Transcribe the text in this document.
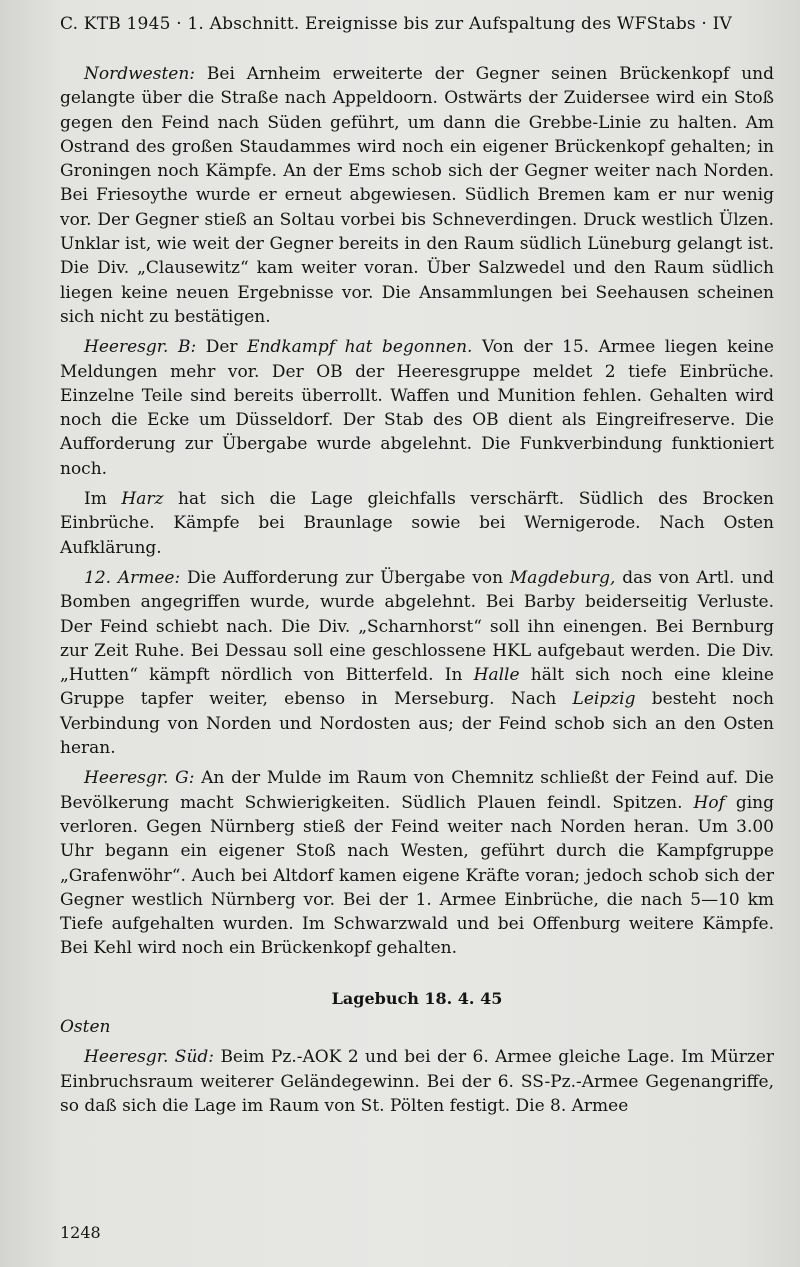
C. KTB 1945 · 1. Abschnitt. Ereignisse bis zur Aufspaltung des WFStabs · IV

Nordwesten: Bei Arnheim erweiterte der Gegner seinen Brückenkopf und gelangte über die Straße nach Appeldoorn. Ostwärts der Zuidersee wird ein Stoß gegen den Feind nach Süden geführt, um dann die Grebbe-Linie zu halten. Am Ostrand des großen Staudammes wird noch ein eigener Brückenkopf gehalten; in Groningen noch Kämpfe. An der Ems schob sich der Gegner weiter nach Norden. Bei Friesoythe wurde er erneut abgewiesen. Südlich Bremen kam er nur wenig vor. Der Gegner stieß an Soltau vorbei bis Schneverdingen. Druck westlich Ülzen. Unklar ist, wie weit der Gegner bereits in den Raum südlich Lüneburg gelangt ist. Die Div. „Clausewitz“ kam weiter voran. Über Salzwedel und den Raum südlich liegen keine neuen Ergebnisse vor. Die Ansammlungen bei Seehausen scheinen sich nicht zu bestätigen.

Heeresgr. B: Der Endkampf hat begonnen. Von der 15. Armee liegen keine Meldungen mehr vor. Der OB der Heeresgruppe meldet 2 tiefe Einbrüche. Einzelne Teile sind bereits überrollt. Waffen und Munition fehlen. Gehalten wird noch die Ecke um Düsseldorf. Der Stab des OB dient als Eingreifreserve. Die Aufforderung zur Übergabe wurde abgelehnt. Die Funkverbindung funktioniert noch.

Im Harz hat sich die Lage gleichfalls verschärft. Südlich des Brocken Einbrüche. Kämpfe bei Braunlage sowie bei Wernigerode. Nach Osten Aufklärung.

12. Armee: Die Aufforderung zur Übergabe von Magdeburg, das von Artl. und Bomben angegriffen wurde, wurde abgelehnt. Bei Barby beiderseitig Verluste. Der Feind schiebt nach. Die Div. „Scharnhorst“ soll ihn einengen. Bei Bernburg zur Zeit Ruhe. Bei Dessau soll eine geschlossene HKL aufgebaut werden. Die Div. „Hutten“ kämpft nördlich von Bitterfeld. In Halle hält sich noch eine kleine Gruppe tapfer weiter, ebenso in Merseburg. Nach Leipzig besteht noch Verbindung von Norden und Nordosten aus; der Feind schob sich an den Osten heran.

Heeresgr. G: An der Mulde im Raum von Chemnitz schließt der Feind auf. Die Bevölkerung macht Schwierigkeiten. Südlich Plauen feindl. Spitzen. Hof ging verloren. Gegen Nürnberg stieß der Feind weiter nach Norden heran. Um 3.00 Uhr begann ein eigener Stoß nach Westen, geführt durch die Kampfgruppe „Grafenwöhr“. Auch bei Altdorf kamen eigene Kräfte voran; jedoch schob sich der Gegner westlich Nürnberg vor. Bei der 1. Armee Einbrüche, die nach 5—10 km Tiefe aufgehalten wurden. Im Schwarzwald und bei Offenburg weitere Kämpfe. Bei Kehl wird noch ein Brückenkopf gehalten.

Lagebuch 18. 4. 45

Osten

Heeresgr. Süd: Beim Pz.-AOK 2 und bei der 6. Armee gleiche Lage. Im Mürzer Einbruchsraum weiterer Geländegewinn. Bei der 6. SS-Pz.-Armee Gegenangriffe, so daß sich die Lage im Raum von St. Pölten festigt. Die 8. Armee

1248
